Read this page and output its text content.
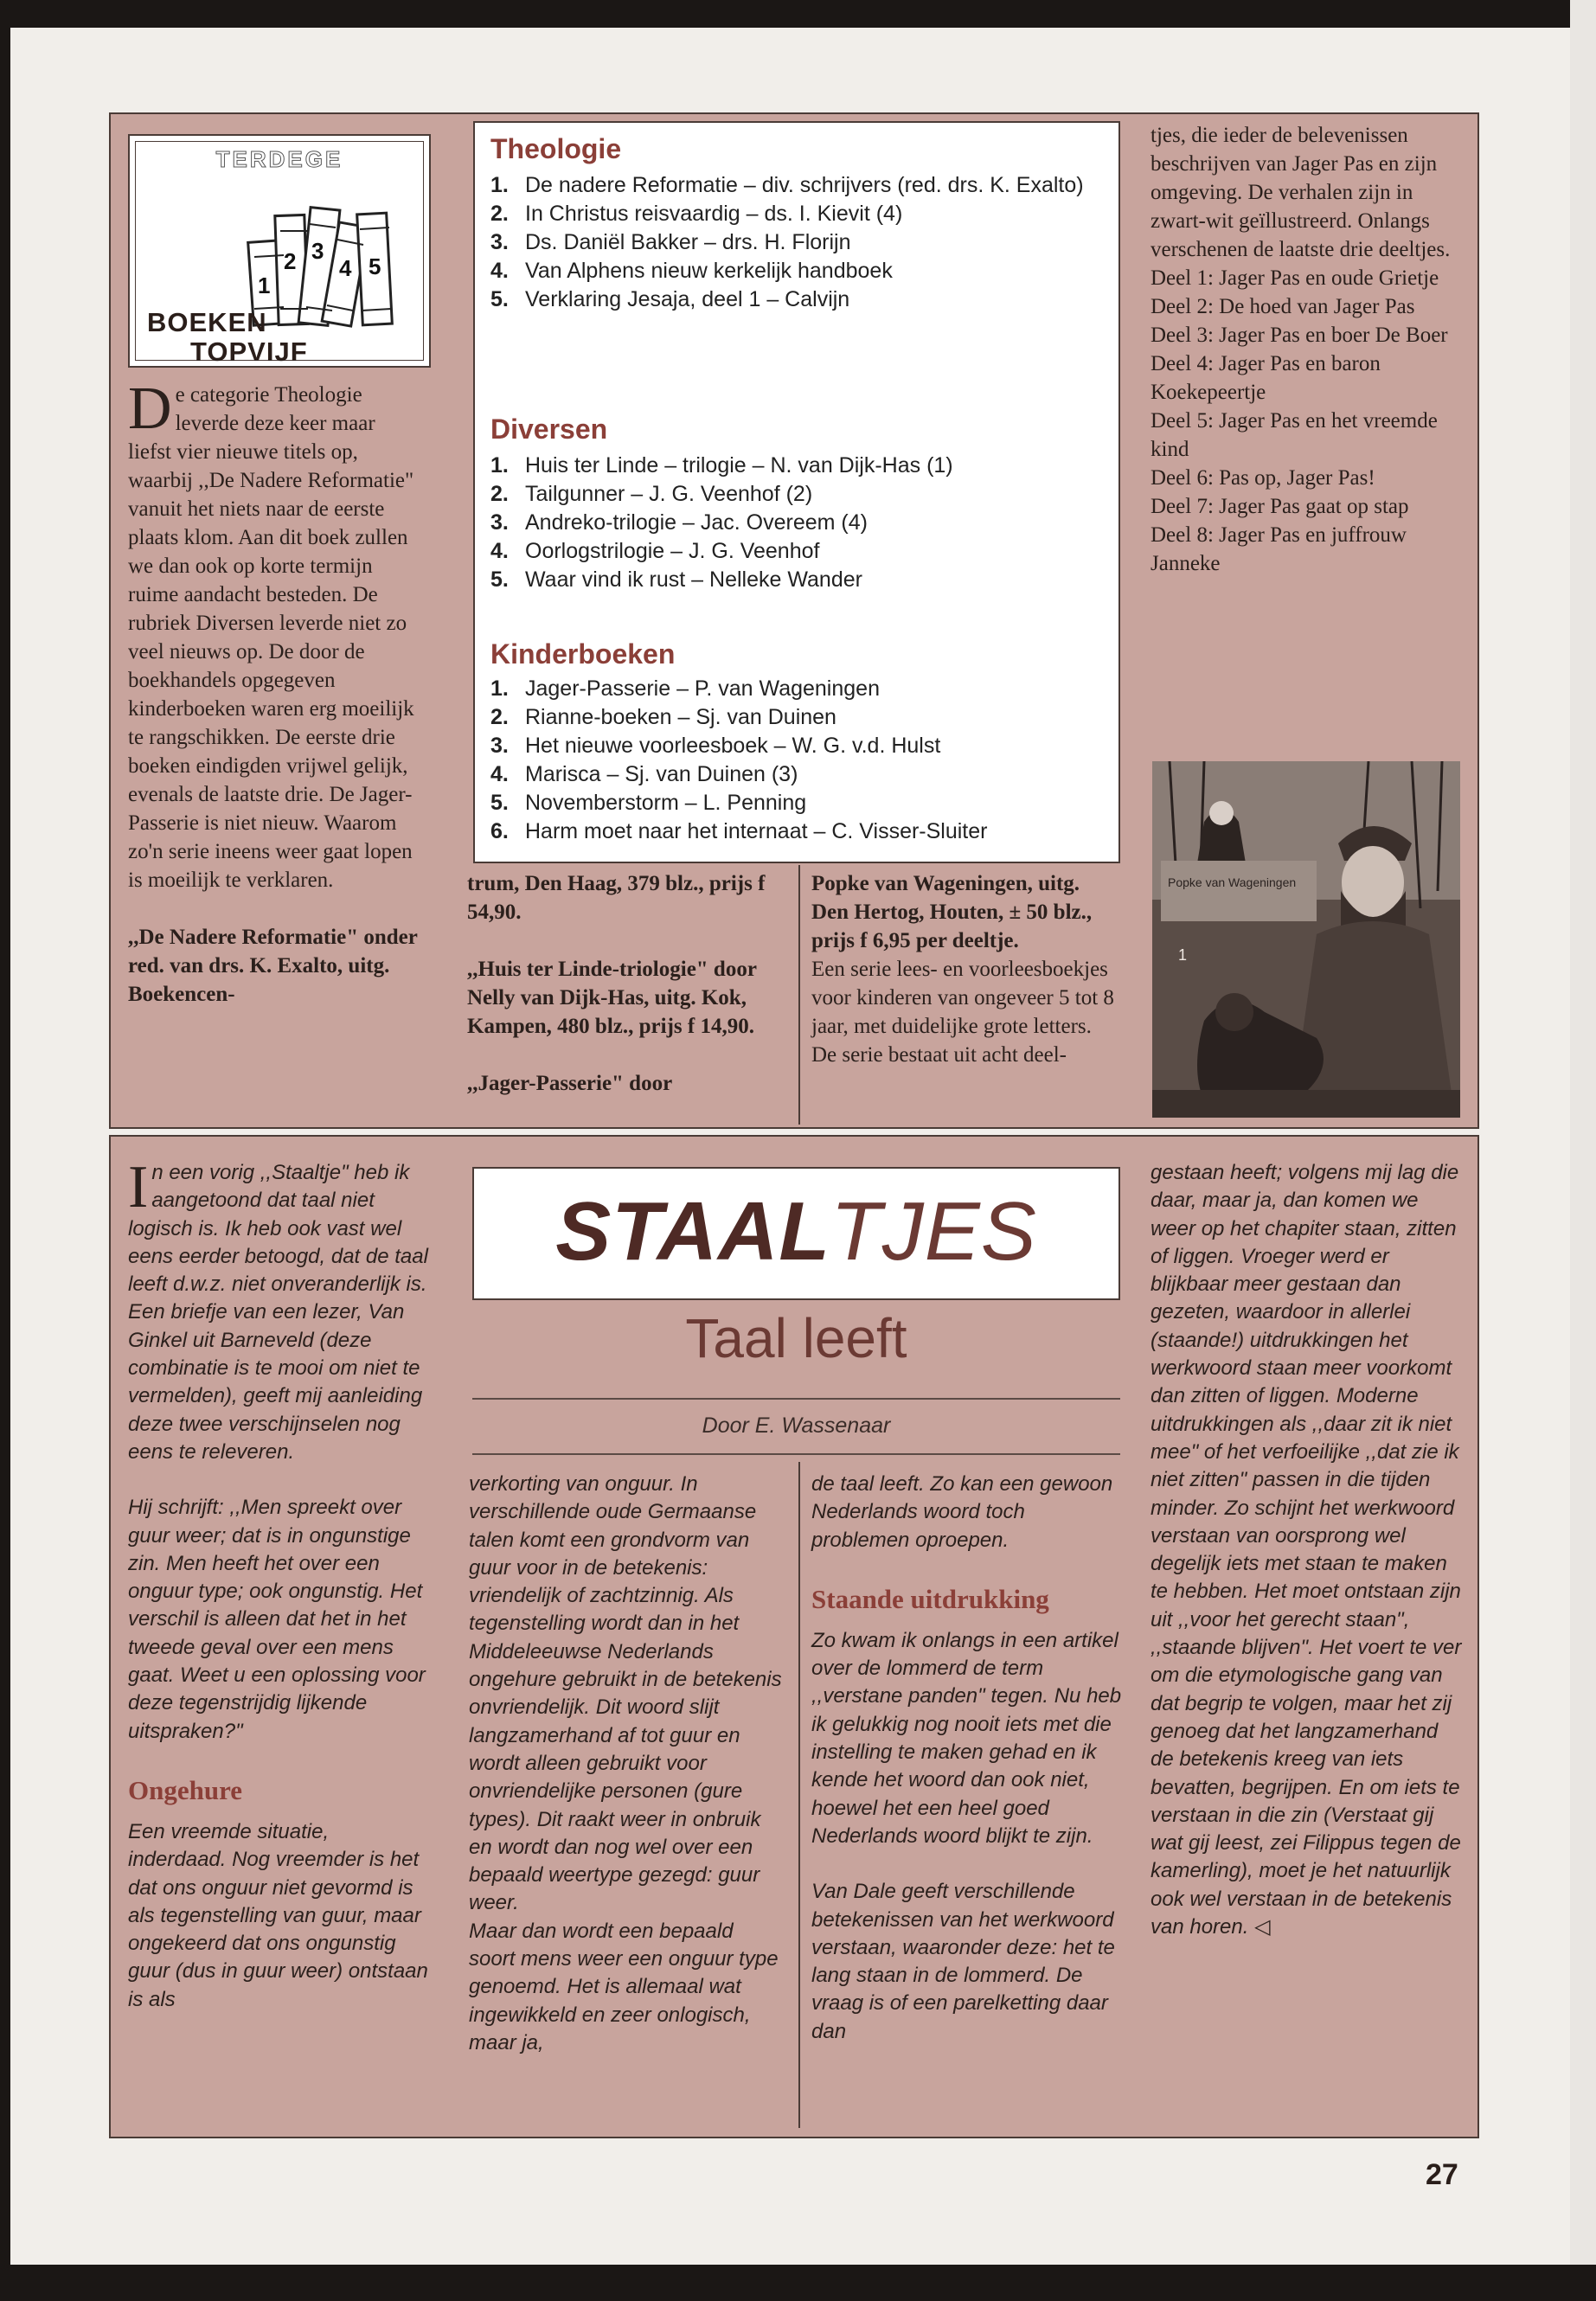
TERDEGE
1
2 3
4 5
BOEKEN
TOPVIJF

De categorie Theologie leverde deze keer maar liefst vier nieuwe titels op, waarbij ,,De Nadere Reformatie" vanuit het niets naar de eerste plaats klom. Aan dit boek zullen we dan ook op korte termijn ruime aandacht besteden. De rubriek Diversen leverde niet zo veel nieuws op. De door de boekhandels opgegeven kinderboeken waren erg moeilijk te rangschikken. De eerste drie boeken eindigden vrijwel gelijk, evenals de laatste drie. De Jager-Passerie is niet nieuw. Waarom zo'n serie ineens weer gaat lopen is moeilijk te verklaren.

,,De Nadere Reformatie" onder red. van drs. K. Exalto, uitg. Boekencen-

Theologie
1. De nadere Reformatie – div. schrijvers (red. drs. K. Exalto)
2. In Christus reisvaardig – ds. I. Kievit (4)
3. Ds. Daniël Bakker – drs. H. Florijn
4. Van Alphens nieuw kerkelijk handboek
5. Verklaring Jesaja, deel 1 – Calvijn
Diversen
1. Huis ter Linde – trilogie – N. van Dijk-Has (1)
2. Tailgunner – J. G. Veenhof (2)
3. Andreko-trilogie – Jac. Overeem (4)
4. Oorlogstrilogie – J. G. Veenhof
5. Waar vind ik rust – Nelleke Wander
Kinderboeken
1. Jager-Passerie – P. van Wageningen
2. Rianne-boeken – Sj. van Duinen
3. Het nieuwe voorleesboek – W. G. v.d. Hulst
4. Marisca – Sj. van Duinen (3)
5. Novemberstorm – L. Penning
6. Harm moet naar het internaat – C. Visser-Sluiter

trum, Den Haag, 379 blz., prijs f 54,90.

,,Huis ter Linde-triologie" door Nelly van Dijk-Has, uitg. Kok, Kampen, 480 blz., prijs f 14,90.

,,Jager-Passerie" door

Popke van Wageningen, uitg. Den Hertog, Houten, ± 50 blz., prijs f 6,95 per deeltje.

Een serie lees- en voorleesboekjes voor kinderen van ongeveer 5 tot 8 jaar, met duidelijke grote letters. De serie bestaat uit acht deel-

tjes, die ieder de belevenissen beschrijven van Jager Pas en zijn omgeving. De verhalen zijn in zwart-wit geïllustreerd. Onlangs verschenen de laatste drie deeltjes.

Deel 1: Jager Pas en oude Grietje
Deel 2: De hoed van Jager Pas
Deel 3: Jager Pas en boer De Boer
Deel 4: Jager Pas en baron Koekepeertje
Deel 5: Jager Pas en het vreemde kind
Deel 6: Pas op, Jager Pas!
Deel 7: Jager Pas gaat op stap
Deel 8: Jager Pas en juffrouw Janneke
Popke van Wageningen
1
STAALTJES
Taal leeft
Door E. Wassenaar

In een vorig ,,Staaltje" heb ik aangetoond dat taal niet logisch is. Ik heb ook vast wel eens eerder betoogd, dat de taal leeft d.w.z. niet onveranderlijk is. Een briefje van een lezer, Van Ginkel uit Barneveld (deze combinatie is te mooi om niet te vermelden), geeft mij aanleiding deze twee verschijnselen nog eens te releveren.

Hij schrijft: ,,Men spreekt over guur weer; dat is in ongunstige zin. Men heeft het over een onguur type; ook ongunstig. Het verschil is alleen dat het in het tweede geval over een mens gaat. Weet u een oplossing voor deze tegenstrijdig lijkende uitspraken?"

Ongehure

Een vreemde situatie, inderdaad. Nog vreemder is het dat ons onguur niet gevormd is als tegenstelling van guur, maar ongekeerd dat ons ongunstig guur (dus in guur weer) ontstaan is als

verkorting van onguur. In verschillende oude Germaanse talen komt een grondvorm van guur voor in de betekenis: vriendelijk of zachtzinnig. Als tegenstelling wordt dan in het Middeleeuwse Nederlands ongehure gebruikt in de betekenis onvriendelijk. Dit woord slijt langzamerhand af tot guur en wordt alleen gebruikt voor onvriendelijke personen (gure types). Dit raakt weer in onbruik en wordt dan nog wel over een bepaald weertype gezegd: guur weer.

Maar dan wordt een bepaald soort mens weer een onguur type genoemd. Het is allemaal wat ingewikkeld en zeer onlogisch, maar ja,

de taal leeft. Zo kan een gewoon Nederlands woord toch problemen oproepen.

Staande uitdrukking

Zo kwam ik onlangs in een artikel over de lommerd de term ,,verstane panden" tegen. Nu heb ik gelukkig nog nooit iets met die instelling te maken gehad en ik kende het woord dan ook niet, hoewel het een heel goed Nederlands woord blijkt te zijn.

Van Dale geeft verschillende betekenissen van het werkwoord verstaan, waaronder deze: het te lang staan in de lommerd. De vraag is of een parelketting daar dan

gestaan heeft; volgens mij lag die daar, maar ja, dan komen we weer op het chapiter staan, zitten of liggen. Vroeger werd er blijkbaar meer gestaan dan gezeten, waardoor in allerlei (staande!) uitdrukkingen het werkwoord staan meer voorkomt dan zitten of liggen. Moderne uitdrukkingen als ,,daar zit ik niet mee" of het verfoeilijke ,,dat zie ik niet zitten" passen in die tijden minder. Zo schijnt het werkwoord verstaan van oorsprong wel degelijk iets met staan te maken te hebben. Het moet ontstaan zijn uit ,,voor het gerecht staan", ,,staande blijven". Het voert te ver om die etymologische gang van dat begrip te volgen, maar het zij genoeg dat het langzamerhand de betekenis kreeg van iets bevatten, begrijpen. En om iets te verstaan in die zin (Verstaat gij wat gij leest, zei Filippus tegen de kamerling), moet je het natuurlijk ook wel verstaan in de betekenis van horen. ◁

27
